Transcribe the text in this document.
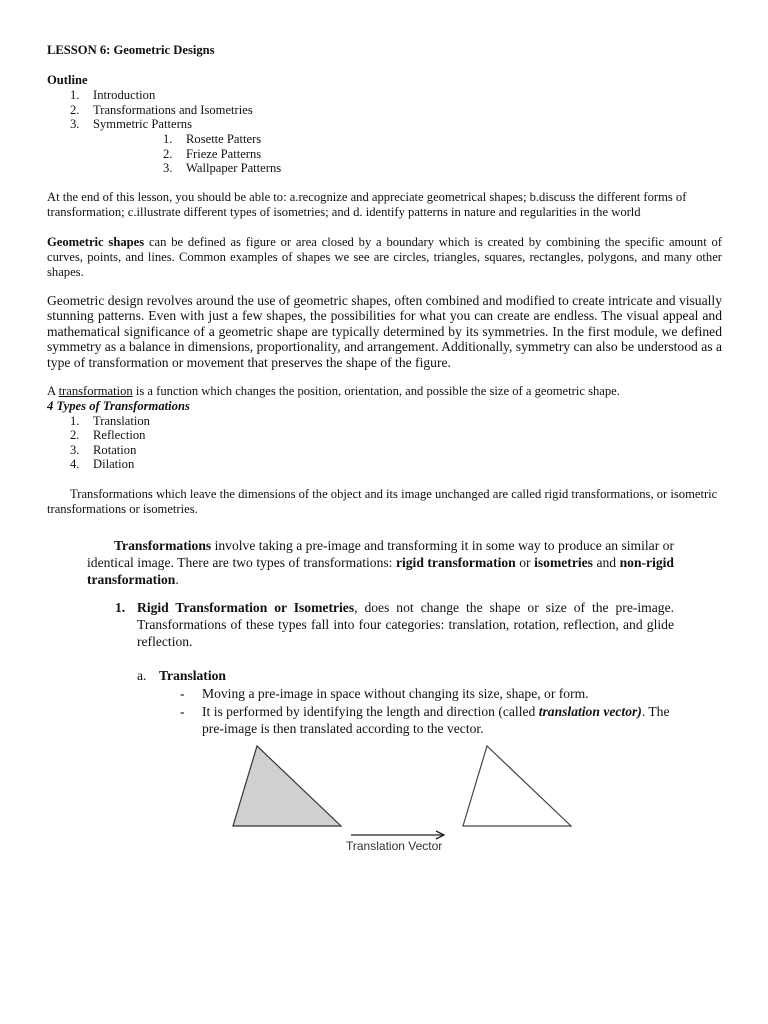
LESSON 6: Geometric Designs
Outline
1. Introduction
2. Transformations and Isometries
3. Symmetric Patterns
1. Rosette Patters
2. Frieze Patterns
3. Wallpaper Patterns
At the end of this lesson, you should be able to: a.recognize and appreciate geometrical shapes; b.discuss the different forms of transformation; c.illustrate different types of isometries; and d. identify patterns in nature and regularities in the world
Geometric shapes can be defined as figure or area closed by a boundary which is created by combining the specific amount of curves, points, and lines. Common examples of shapes we see are circles, triangles, squares, rectangles, polygons, and many other shapes.
Geometric design revolves around the use of geometric shapes, often combined and modified to create intricate and visually stunning patterns. Even with just a few shapes, the possibilities for what you can create are endless. The visual appeal and mathematical significance of a geometric shape are typically determined by its symmetries. In the first module, we defined symmetry as a balance in dimensions, proportionality, and arrangement. Additionally, symmetry can also be understood as a type of transformation or movement that preserves the shape of the figure.
A transformation is a function which changes the position, orientation, and possible the size of a geometric shape.
4 Types of Transformations
1. Translation
2. Reflection
3. Rotation
4. Dilation
Transformations which leave the dimensions of the object and its image unchanged are called rigid transformations, or isometric transformations or isometries.
Transformations involve taking a pre-image and transforming it in some way to produce an similar or identical image. There are two types of transformations: rigid transformation or isometries and non-rigid transformation.
1. Rigid Transformation or Isometries, does not change the shape or size of the pre-image. Transformations of these types fall into four categories: translation, rotation, reflection, and glide reflection.
a. Translation
- Moving a pre-image in space without changing its size, shape, or form.
- It is performed by identifying the length and direction (called translation vector). The pre-image is then translated according to the vector.
Translation Vector
